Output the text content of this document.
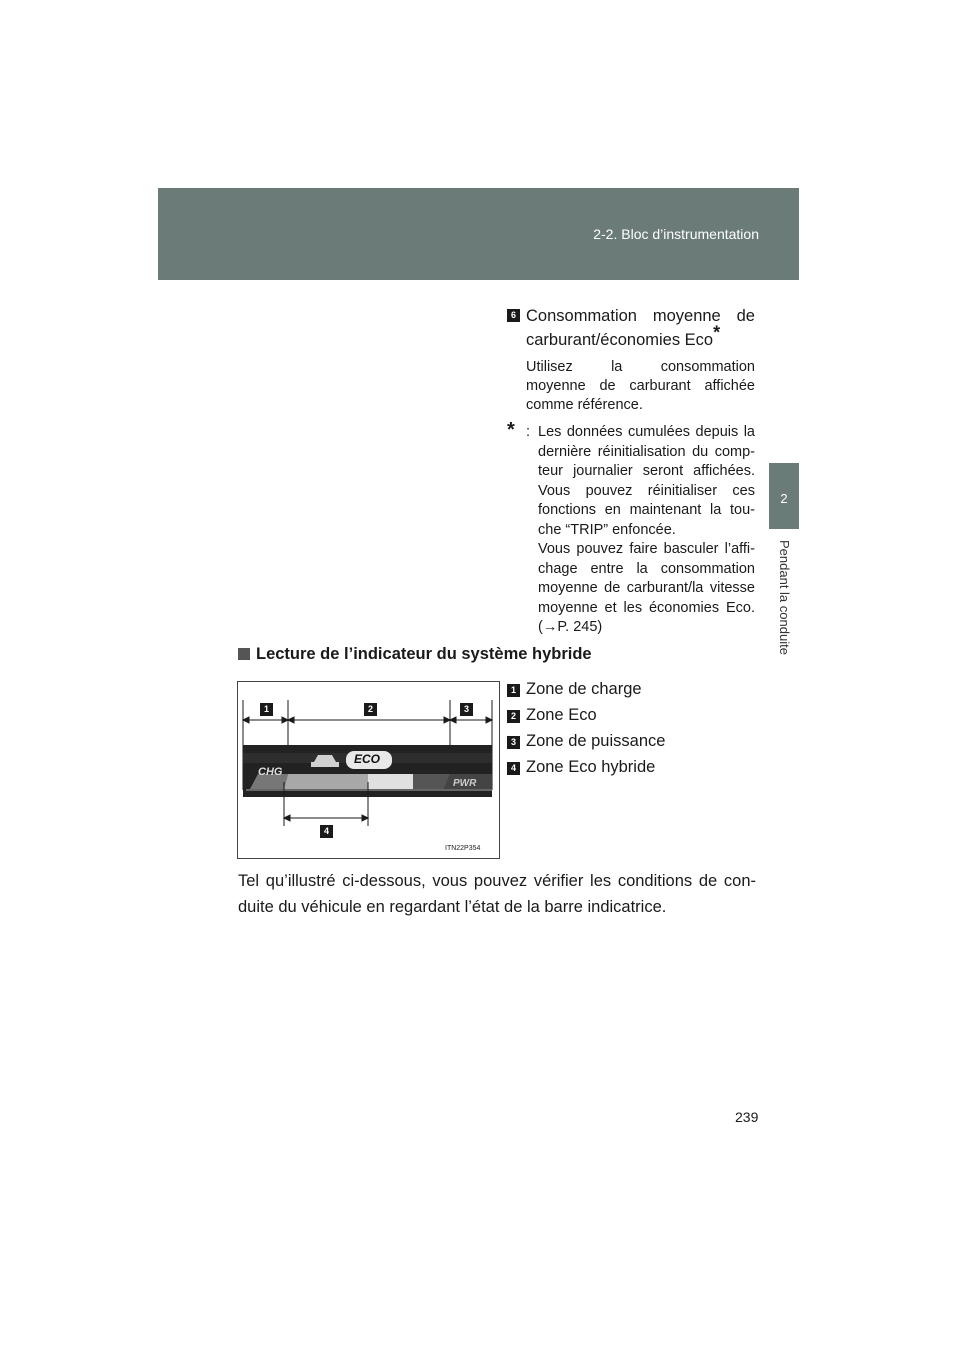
2-2. Bloc d’instrumentation
2
Pendant la conduite
6 Consommation moyenne de
carburant/économies Eco*
Utilisez la consommation
moyenne de carburant affichée
comme référence.
* : Les données cumulées depuis la
dernière réinitialisation du comp-
teur journalier seront affichées.
Vous pouvez réinitialiser ces
fonctions en maintenant la tou-
che “TRIP” enfoncée.
Vous pouvez faire basculer l’affi-
chage entre la consommation
moyenne de carburant/la vitesse
moyenne et les économies Eco.
(→P. 245)
Lecture de l’indicateur du système hybride
1	2	3
4
CHG
ECO
PWR
ITN22P354
1 Zone de charge
2 Zone Eco
3 Zone de puissance
4 Zone Eco hybride
Tel qu’illustré ci-dessous, vous pouvez vérifier les conditions de con-
duite du véhicule en regardant l’état de la barre indicatrice.
239
